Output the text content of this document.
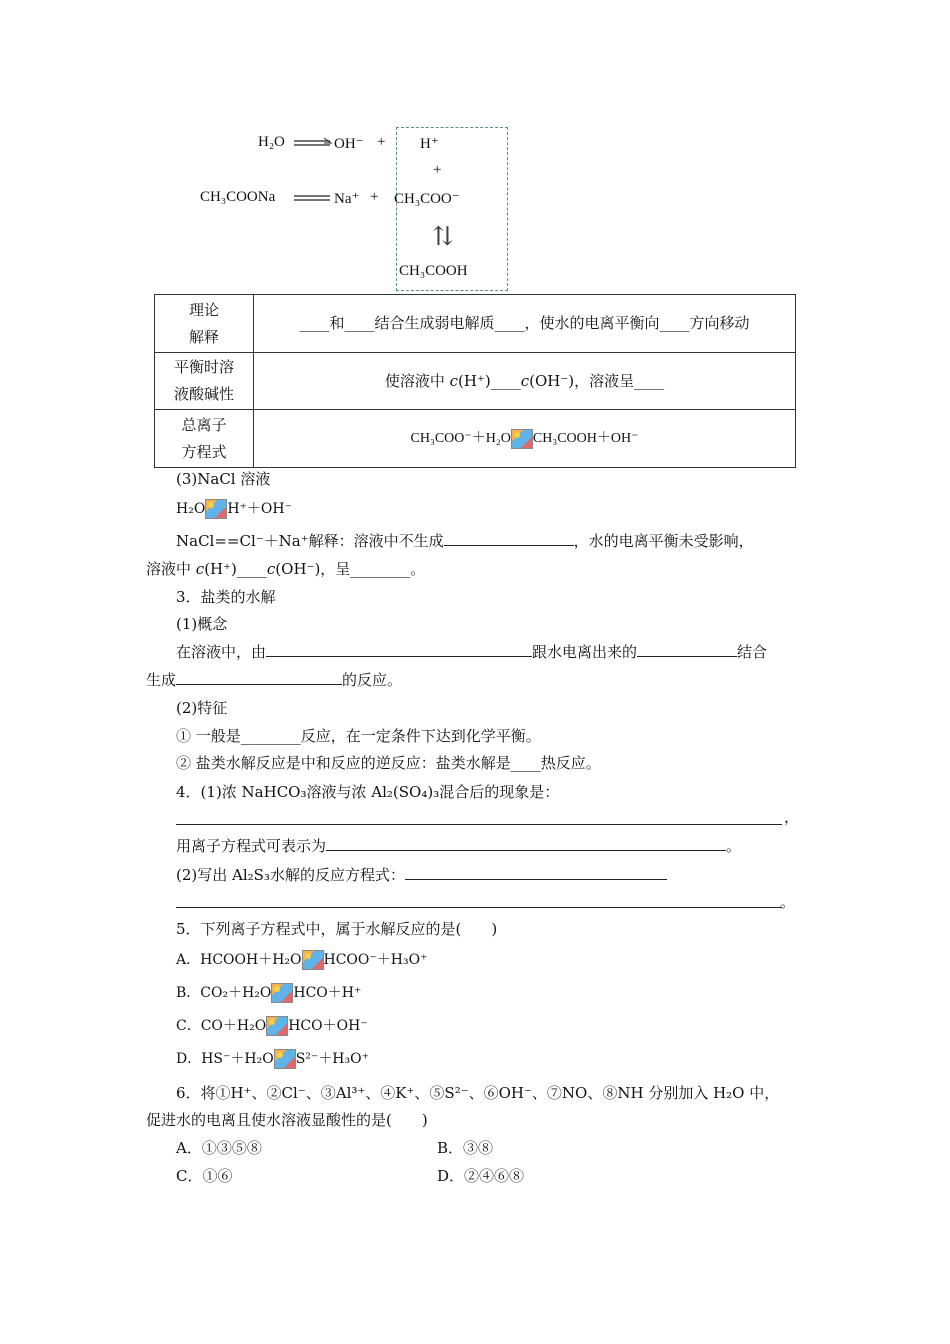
H₂O	OH⁻ + H⁺
+
CH₃COONa	Na⁺ + CH₃COO⁻
⇅
CH₃COOH
理论
解释	____和____结合生成弱电解质____，使水的电离平衡向____方向移动
平衡时溶
液酸碱性	使溶液中 c(H⁺)____c(OH⁻)，溶液呈____
总离子
方程式	CH₃COO⁻＋H₂O CH₃COOH＋OH⁻
(3)NaCl 溶液
H₂O H⁺＋OH⁻
NaCl==Cl⁻＋Na⁺解释：溶液中不生成	，水的电离平衡未受影响，
溶液中 c(H⁺)____c(OH⁻)，呈________。
3．盐类的水解
(1)概念
在溶液中，由	跟水电离出来的	结合
生成	的反应。
(2)特征
① 一般是________反应，在一定条件下达到化学平衡。
② 盐类水解反应是中和反应的逆反应：盐类水解是____热反应。
4．(1)浓 NaHCO₃溶液与浓 Al₂(SO₄)₃混合后的现象是：
，
用离子方程式可表示为	。
(2)写出 Al₂S₃水解的反应方程式：
。
5．下列离子方程式中，属于水解反应的是(　　)
A．HCOOH＋H₂O HCOO⁻＋H₃O⁺
B．CO₂＋H₂O HCO＋H⁺
C．CO＋H₂O HCO＋OH⁻
D．HS⁻＋H₂O S²⁻＋H₃O⁺
6．将①H⁺、②Cl⁻、③Al³⁺、④K⁺、⑤S²⁻、⑥OH⁻、⑦NO、⑧NH 分别加入 H₂O 中，
促进水的电离且使水溶液显酸性的是(　　)
A．①③⑤⑧	B．③⑧
C．①⑥	D．②④⑥⑧
